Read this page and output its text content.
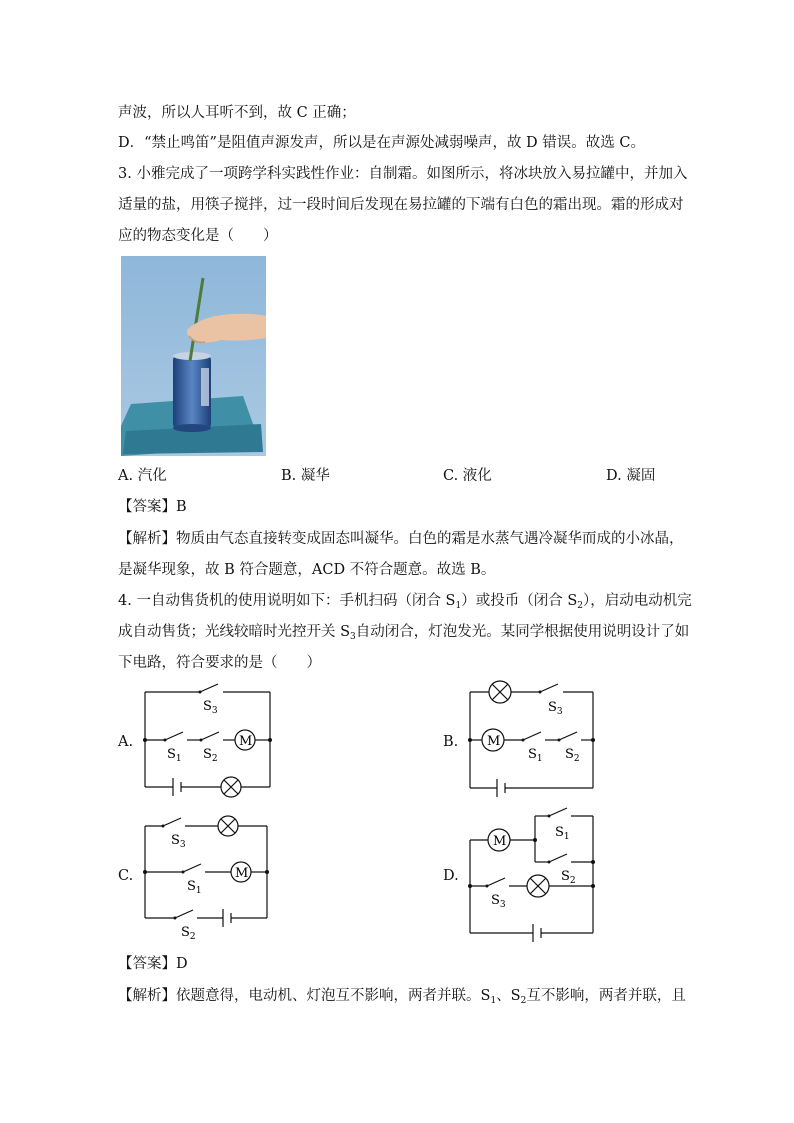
声波，所以人耳听不到，故 C 正确；
D．“禁止鸣笛”是阻值声源发声，所以是在声源处减弱噪声，故 D 错误。故选 C。
3. 小雅完成了一项跨学科实践性作业：自制霜。如图所示，将冰块放入易拉罐中，并加入
适量的盐，用筷子搅拌，过一段时间后发现在易拉罐的下端有白色的霜出现。霜的形成对
应的物态变化是（　　）
A. 汽化	B. 凝华	C. 液化	D. 凝固
【答案】B
【解析】物质由气态直接转变成固态叫凝华。白色的霜是水蒸气遇冷凝华而成的小冰晶，
是凝华现象，故 B 符合题意，ACD 不符合题意。故选 B。
4. 一自动售货机的使用说明如下：手机扫码（闭合 $S_1$）或投币（闭合 $S_2$），启动电动机完
成自动售货；光线较暗时光控开关 $S_3$自动闭合，灯泡发光。某同学根据使用说明设计了如
下电路，符合要求的是（　　）
M
$S_3$
$S_1$ $S_2$
A.	M
$S_3$
$S_1$ $S_2$
B.
M
$S_3$
$S_1$
$S_2$
C.
M
$S_1$
$S_2$
$S_3$
D.
【答案】D
【解析】依题意得，电动机、灯泡互不影响，两者并联。$S_1$、$S_2$互不影响，两者并联，且
